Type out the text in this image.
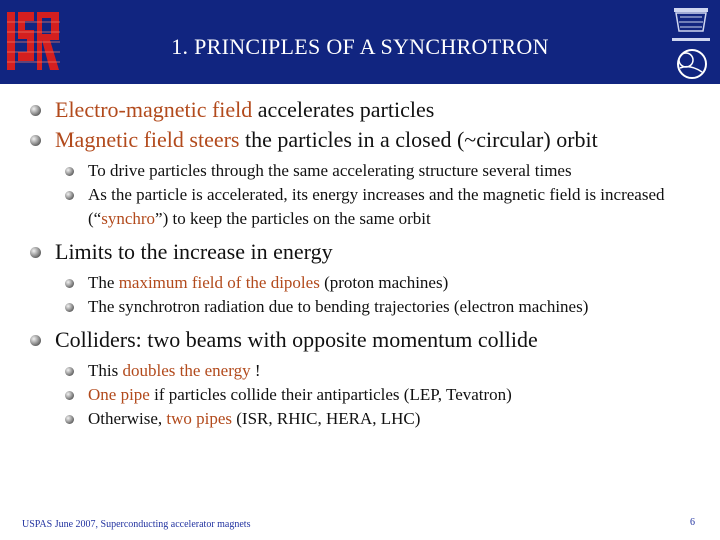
1. PRINCIPLES OF A SYNCHROTRON
Electro-magnetic field accelerates particles
Magnetic field steers the particles in a closed (~circular) orbit
To drive particles through the same accelerating structure several times
As the particle is accelerated, its energy increases and the magnetic field is increased (“synchro”) to keep the particles on the same orbit
Limits to the increase in energy
The maximum field of the dipoles (proton machines)
The synchrotron radiation due to bending trajectories (electron machines)
Colliders: two beams with opposite momentum collide
This doubles the energy !
One pipe if particles collide their antiparticles (LEP, Tevatron)
Otherwise, two pipes (ISR, RHIC, HERA, LHC)
USPAS June 2007, Superconducting accelerator magnets	6
